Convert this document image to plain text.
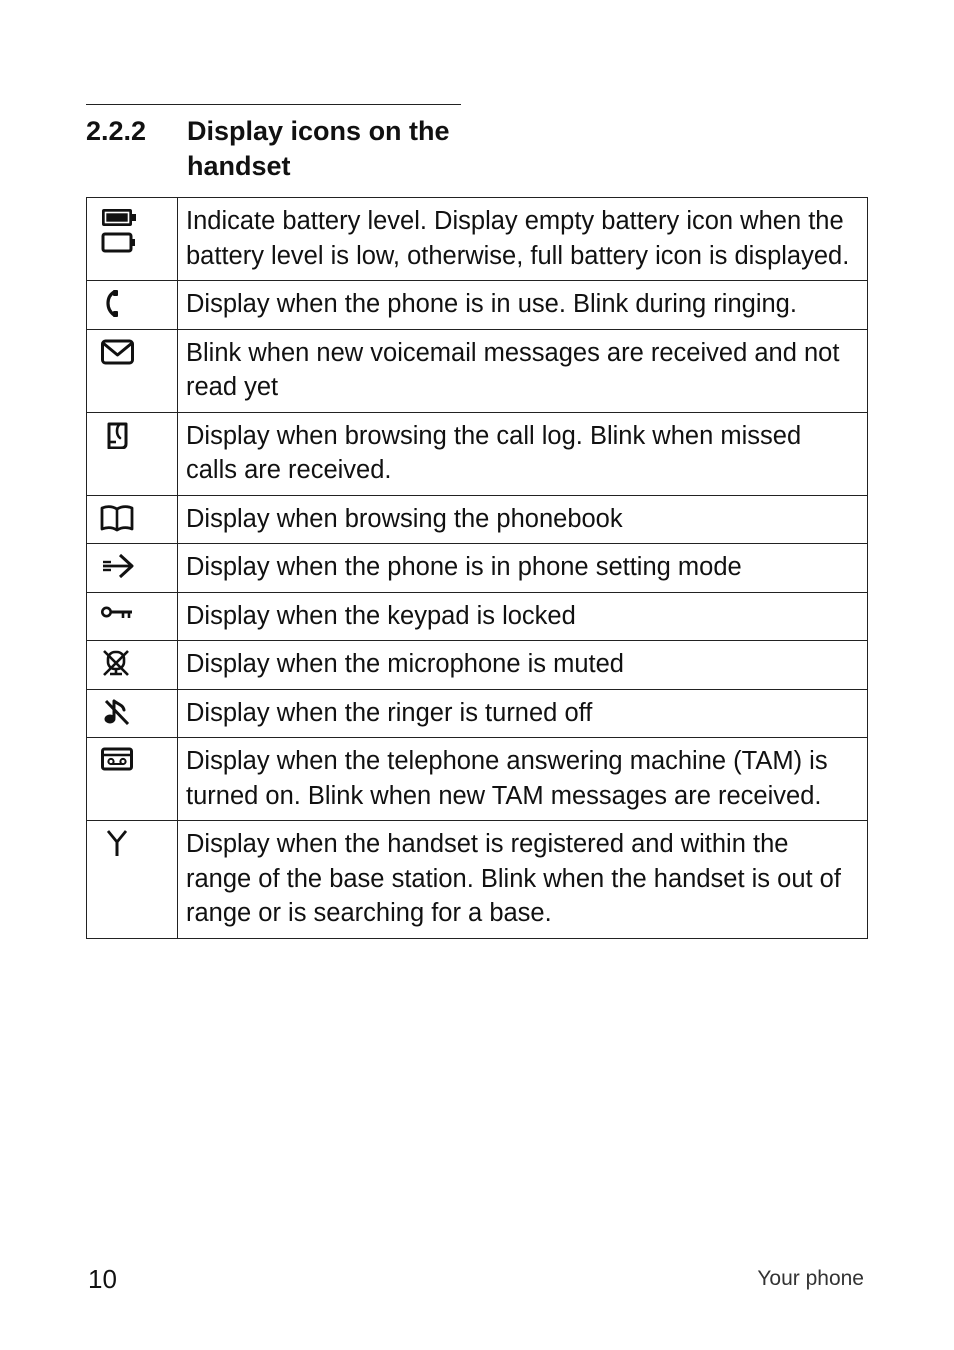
2.2.2	Display icons on the handset
	Indicate battery level. Display empty battery icon when the battery level is low, otherwise, full battery icon is displayed.

	Display when the phone is in use. Blink during ringing.

	Blink when new voicemail messages are received and not read yet

	Display when browsing the call log. Blink when missed calls are received.

	Display when browsing the phonebook

	Display when the phone is in phone setting mode

	Display when the keypad is locked

	Display when the microphone is muted

	Display when the ringer is turned off

	Display when the telephone answering machine (TAM) is turned on. Blink when new TAM messages are received.

	Display when the handset is registered and within the range of the base station. Blink when the handset is out of range or is searching for a base.
10	Your phone
